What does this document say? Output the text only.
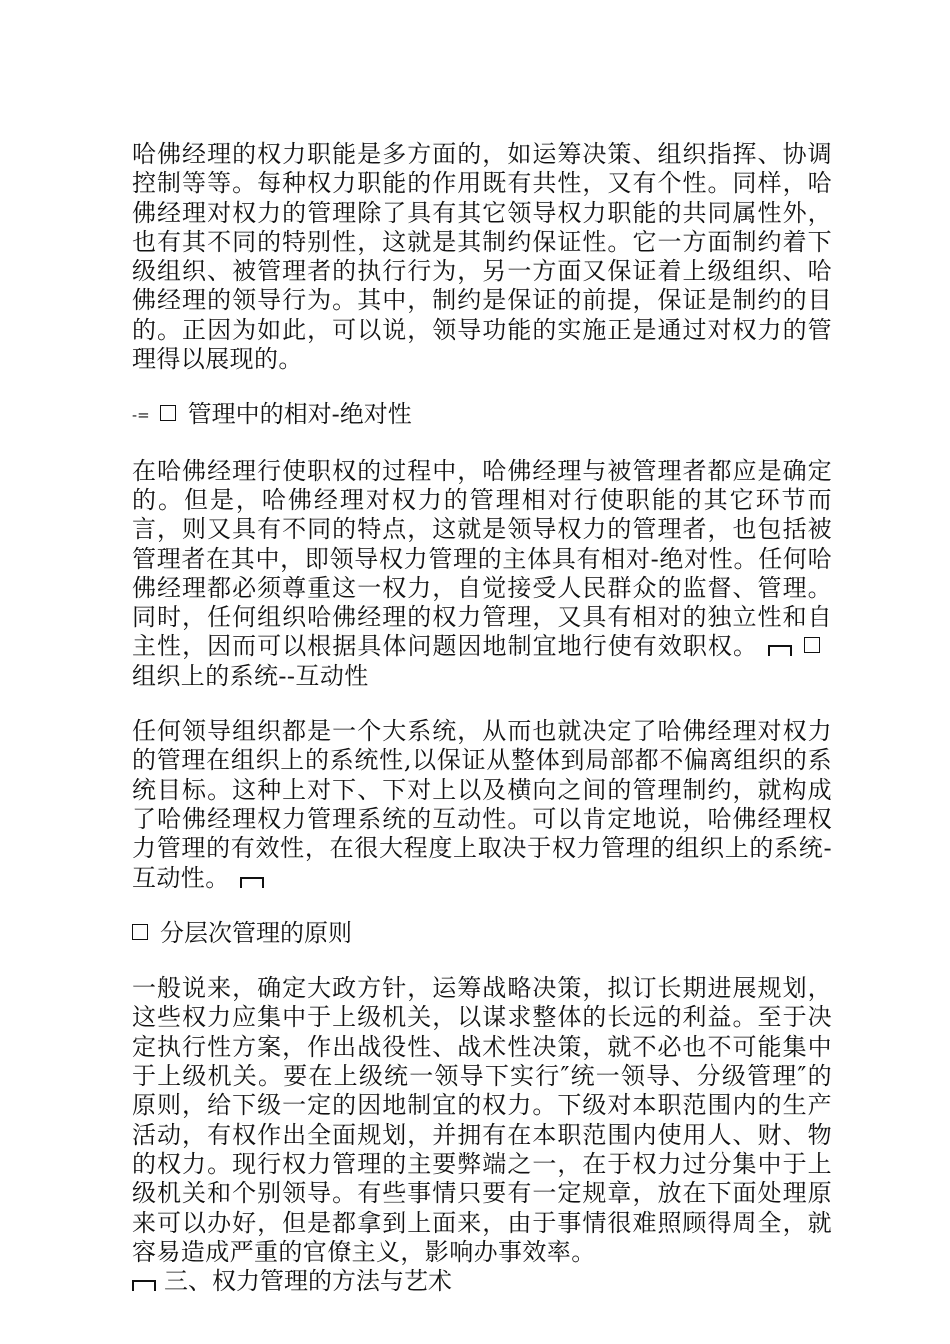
哈佛经理的权力职能是多方面的，如运筹决策、组织指挥、协调控制等等。每种权力职能的作用既有共性，又有个性。同样，哈佛经理对权力的管理除了具有其它领导权力职能的共同属性外，也有其不同的特别性，这就是其制约保证性。它一方面制约着下级组织、被管理者的执行行为，另一方面又保证着上级组织、哈佛经理的领导行为。其中，制约是保证的前提，保证是制约的目的。正因为如此，可以说，领导功能的实施正是通过对权力的管理得以展现的。

-= 管理中的相对-绝对性

在哈佛经理行使职权的过程中，哈佛经理与被管理者都应是确定的。但是，哈佛经理对权力的管理相对行使职能的其它环节而言，则又具有不同的特点，这就是领导权力的管理者，也包括被管理者在其中，即领导权力管理的主体具有相对-绝对性。任何哈佛经理都必须尊重这一权力，自觉接受人民群众的监督、管理。同时，任何组织哈佛经理的权力管理，又具有相对的独立性和自主性，因而可以根据具体问题因地制宜地行使有效职权。组织上的系统--互动性

任何领导组织都是一个大系统，从而也就决定了哈佛经理对权力的管理在组织上的系统性,以保证从整体到局部都不偏离组织的系统目标。这种上对下、下对上以及横向之间的管理制约，就构成了哈佛经理权力管理系统的互动性。可以肯定地说，哈佛经理权力管理的有效性，在很大程度上取决于权力管理的组织上的系统-互动性。

分层次管理的原则

一般说来，确定大政方针，运筹战略决策，拟订长期进展规划，这些权力应集中于上级机关，以谋求整体的长远的利益。至于决定执行性方案，作出战役性、战术性决策，就不必也不可能集中于上级机关。要在上级统一领导下实行″统一领导、分级管理″的原则，给下级一定的因地制宜的权力。下级对本职范围内的生产活动，有权作出全面规划，并拥有在本职范围内使用人、财、物的权力。现行权力管理的主要弊端之一，在于权力过分集中于上级机关和个别领导。有些事情只要有一定规章，放在下面处理原来可以办好，但是都拿到上面来，由于事情很难照顾得周全，就容易造成严重的官僚主义，影响办事效率。

三、权力管理的方法与艺术
